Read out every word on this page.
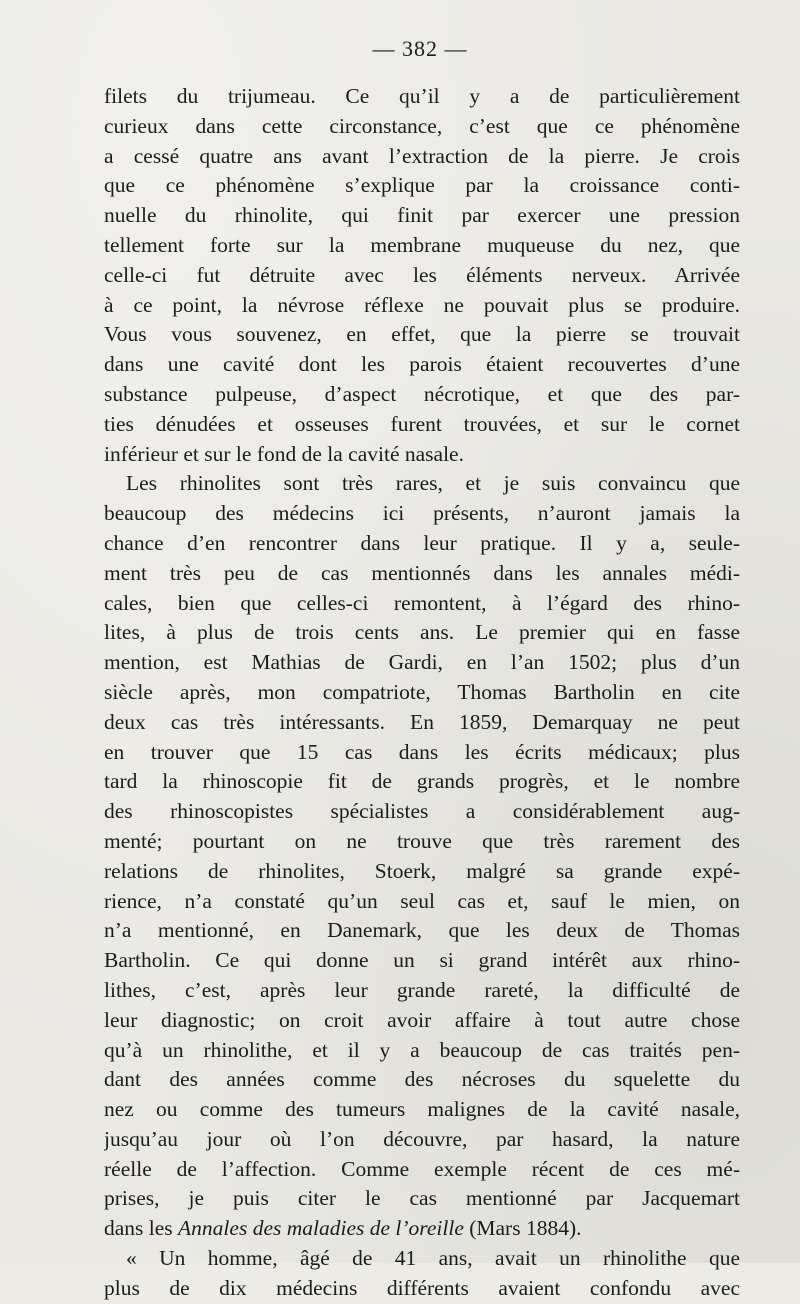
— 382 —
filets du trijumeau. Ce qu’il y a de particulièrement
curieux dans cette circonstance, c’est que ce phénomène
a cessé quatre ans avant l’extraction de la pierre. Je crois
que ce phénomène s’explique par la croissance conti-
nuelle du rhinolite, qui finit par exercer une pression
tellement forte sur la membrane muqueuse du nez, que
celle-ci fut détruite avec les éléments nerveux. Arrivée
à ce point, la névrose réflexe ne pouvait plus se produire.
Vous vous souvenez, en effet, que la pierre se trouvait
dans une cavité dont les parois étaient recouvertes d’une
substance pulpeuse, d’aspect nécrotique, et que des par-
ties dénudées et osseuses furent trouvées, et sur le cornet
inférieur et sur le fond de la cavité nasale.
Les rhinolites sont très rares, et je suis convaincu que
beaucoup des médecins ici présents, n’auront jamais la
chance d’en rencontrer dans leur pratique. Il y a, seule-
ment très peu de cas mentionnés dans les annales médi-
cales, bien que celles-ci remontent, à l’égard des rhino-
lites, à plus de trois cents ans. Le premier qui en fasse
mention, est Mathias de Gardi, en l’an 1502; plus d’un
siècle après, mon compatriote, Thomas Bartholin en cite
deux cas très intéressants. En 1859, Demarquay ne peut
en trouver que 15 cas dans les écrits médicaux; plus
tard la rhinoscopie fit de grands progrès, et le nombre
des rhinoscopistes spécialistes a considérablement aug-
menté; pourtant on ne trouve que très rarement des
relations de rhinolites, Stoerk, malgré sa grande expé-
rience, n’a constaté qu’un seul cas et, sauf le mien, on
n’a mentionné, en Danemark, que les deux de Thomas
Bartholin. Ce qui donne un si grand intérêt aux rhino-
lithes, c’est, après leur grande rareté, la difficulté de
leur diagnostic; on croit avoir affaire à tout autre chose
qu’à un rhinolithe, et il y a beaucoup de cas traités pen-
dant des années comme des nécroses du squelette du
nez ou comme des tumeurs malignes de la cavité nasale,
jusqu’au jour où l’on découvre, par hasard, la nature
réelle de l’affection. Comme exemple récent de ces mé-
prises, je puis citer le cas mentionné par Jacquemart
dans les Annales des maladies de l’oreille (Mars 1884).
« Un homme, âgé de 41 ans, avait un rhinolithe que
plus de dix médecins différents avaient confondu avec
